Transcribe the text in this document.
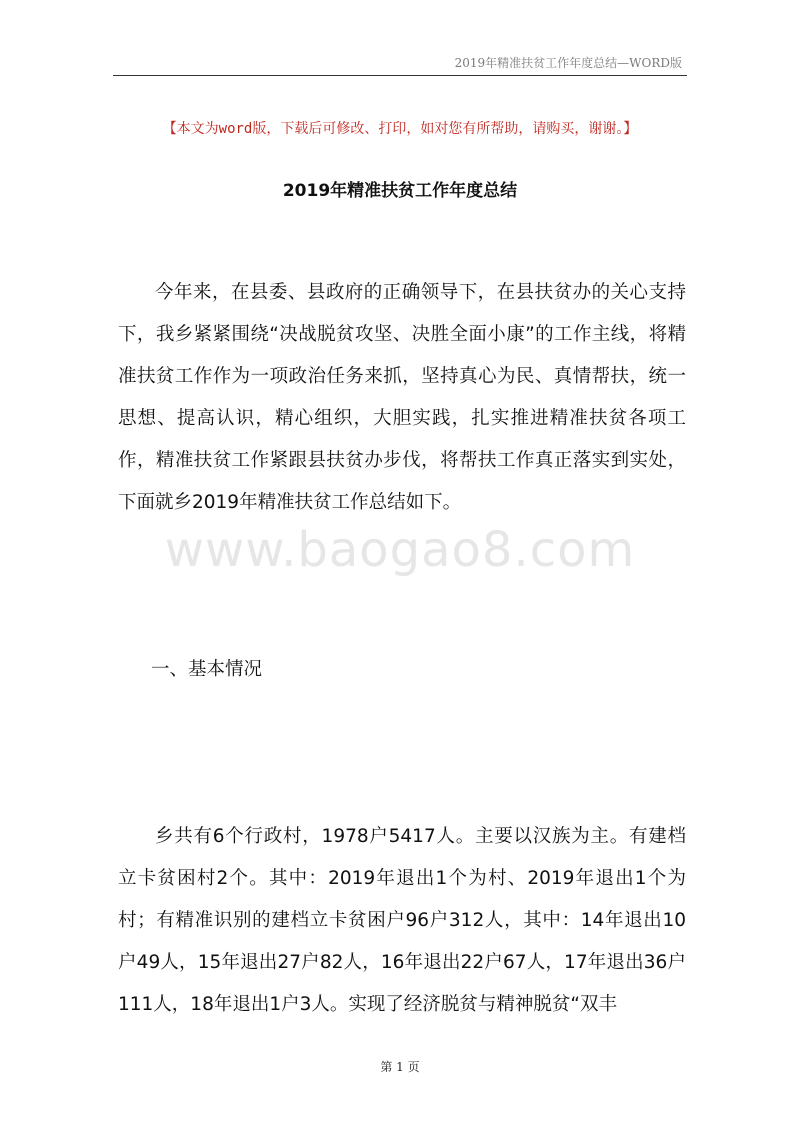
2019年精准扶贫工作年度总结—WORD版
【本文为word版，下载后可修改、打印，如对您有所帮助，请购买，谢谢。】
2019年精准扶贫工作年度总结

今年来，在县委、县政府的正确领导下，在县扶贫办的关心支持下，我乡紧紧围绕“决战脱贫攻坚、决胜全面小康”的工作主线，将精准扶贫工作作为一项政治任务来抓，坚持真心为民、真情帮扶，统一思想、提高认识，精心组织，大胆实践，扎实推进精准扶贫各项工作，精准扶贫工作紧跟县扶贫办步伐，将帮扶工作真正落实到实处，下面就乡2019年精准扶贫工作总结如下。

www.baogao8.com
一、基本情况

乡共有6个行政村，1978户5417人。主要以汉族为主。有建档立卡贫困村2个。其中：2019年退出1个为村、2019年退出1个为村；有精准识别的建档立卡贫困户96户312人，其中：14年退出10户49人，15年退出27户82人，16年退出22户67人，17年退出36户111人，18年退出1户3人。实现了经济脱贫与精神脱贫“双丰

第 1 页
